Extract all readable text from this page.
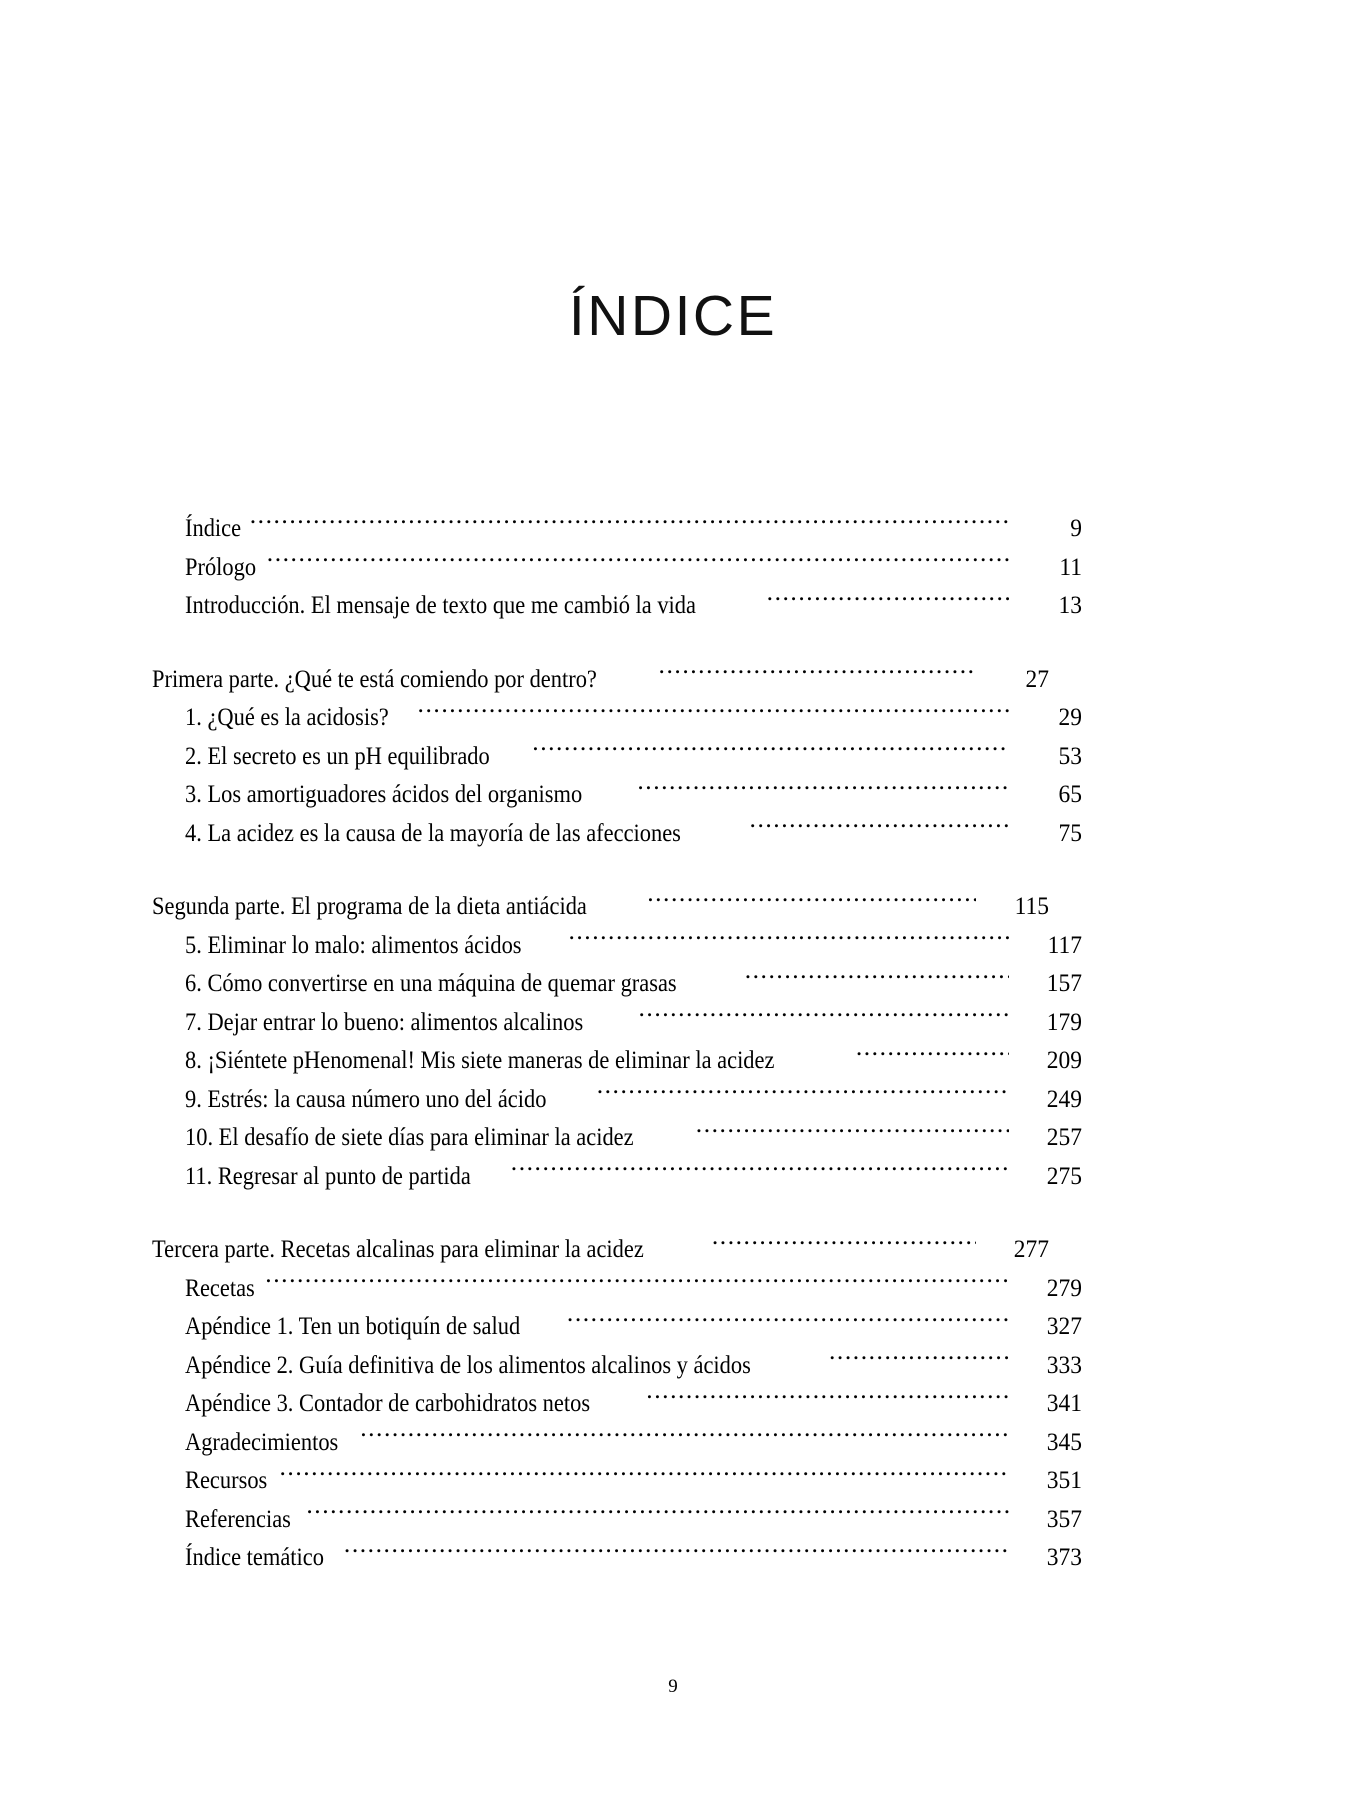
ÍNDICE
Índice .....	9
Prólogo .....	11
Introducción. El mensaje de texto que me cambió la vida .....	13
Primera parte. ¿Qué te está comiendo por dentro? .....	27
1. ¿Qué es la acidosis? .....	29
2. El secreto es un pH equilibrado .....	53
3. Los amortiguadores ácidos del organismo .....	65
4. La acidez es la causa de la mayoría de las afecciones .....	75
Segunda parte. El programa de la dieta antiácida .....	115
5. Eliminar lo malo: alimentos ácidos .....	117
6. Cómo convertirse en una máquina de quemar grasas .....	157
7. Dejar entrar lo bueno: alimentos alcalinos .....	179
8. ¡Siéntete pHenomenal! Mis siete maneras de eliminar la acidez .....	209
9. Estrés: la causa número uno del ácido .....	249
10. El desafío de siete días para eliminar la acidez .....	257
11. Regresar al punto de partida .....	275
Tercera parte. Recetas alcalinas para eliminar la acidez .....	277
Recetas .....	279
Apéndice 1. Ten un botiquín de salud .....	327
Apéndice 2. Guía definitiva de los alimentos alcalinos y ácidos .....	333
Apéndice 3. Contador de carbohidratos netos .....	341
Agradecimientos .....	345
Recursos .....	351
Referencias .....	357
Índice temático .....	373
9
